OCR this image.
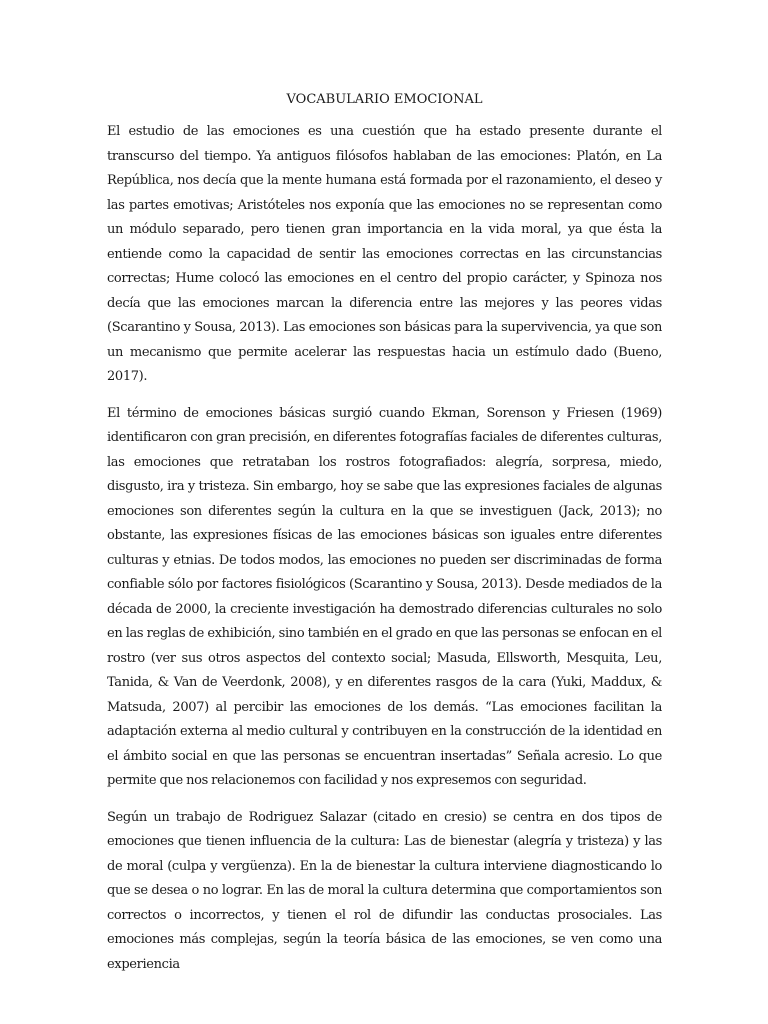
VOCABULARIO EMOCIONAL

El estudio de las emociones es una cuestión que ha estado presente durante el transcurso del tiempo. Ya antiguos filósofos hablaban de las emociones: Platón, en La República, nos decía que la mente humana está formada por el razonamiento, el deseo y las partes emotivas; Aristóteles nos exponía que las emociones no se representan como un módulo separado, pero tienen gran importancia en la vida moral, ya que ésta la entiende como la capacidad de sentir las emociones correctas en las circunstancias correctas; Hume colocó las emociones en el centro del propio carácter, y Spinoza nos decía que las emociones marcan la diferencia entre las mejores y las peores vidas (Scarantino y Sousa, 2013). Las emociones son básicas para la supervivencia, ya que son un mecanismo que permite acelerar las respuestas hacia un estímulo dado (Bueno, 2017).

El término de emociones básicas surgió cuando Ekman, Sorenson y Friesen (1969) identificaron con gran precisión, en diferentes fotografías faciales de diferentes culturas, las emociones que retrataban los rostros fotografiados: alegría, sorpresa, miedo, disgusto, ira y tristeza. Sin embargo, hoy se sabe que las expresiones faciales de algunas emociones son diferentes según la cultura en la que se investiguen (Jack, 2013); no obstante, las expresiones físicas de las emociones básicas son iguales entre diferentes culturas y etnias. De todos modos, las emociones no pueden ser discriminadas de forma confiable sólo por factores fisiológicos (Scarantino y Sousa, 2013). Desde mediados de la década de 2000, la creciente investigación ha demostrado diferencias culturales no solo en las reglas de exhibición, sino también en el grado en que las personas se enfocan en el rostro (ver sus otros aspectos del contexto social; Masuda, Ellsworth, Mesquita, Leu, Tanida, & Van de Veerdonk, 2008), y en diferentes rasgos de la cara (Yuki, Maddux, & Matsuda, 2007) al percibir las emociones de los demás. “Las emociones facilitan la adaptación externa al medio cultural y contribuyen en la construcción de la identidad en el ámbito social en que las personas se encuentran insertadas” Señala acresio. Lo que permite que nos relacionemos con facilidad y nos expresemos con seguridad.

Según un trabajo de Rodriguez Salazar (citado en cresio) se centra en dos tipos de emociones que tienen influencia de la cultura: Las de bienestar (alegría y tristeza) y las de moral (culpa y vergüenza). En la de bienestar la cultura interviene diagnosticando lo que se desea o no lograr. En las de moral la cultura determina que comportamientos son correctos o incorrectos, y tienen el rol de difundir las conductas prosociales. Las emociones más complejas, según la teoría básica de las emociones, se ven como una experiencia
